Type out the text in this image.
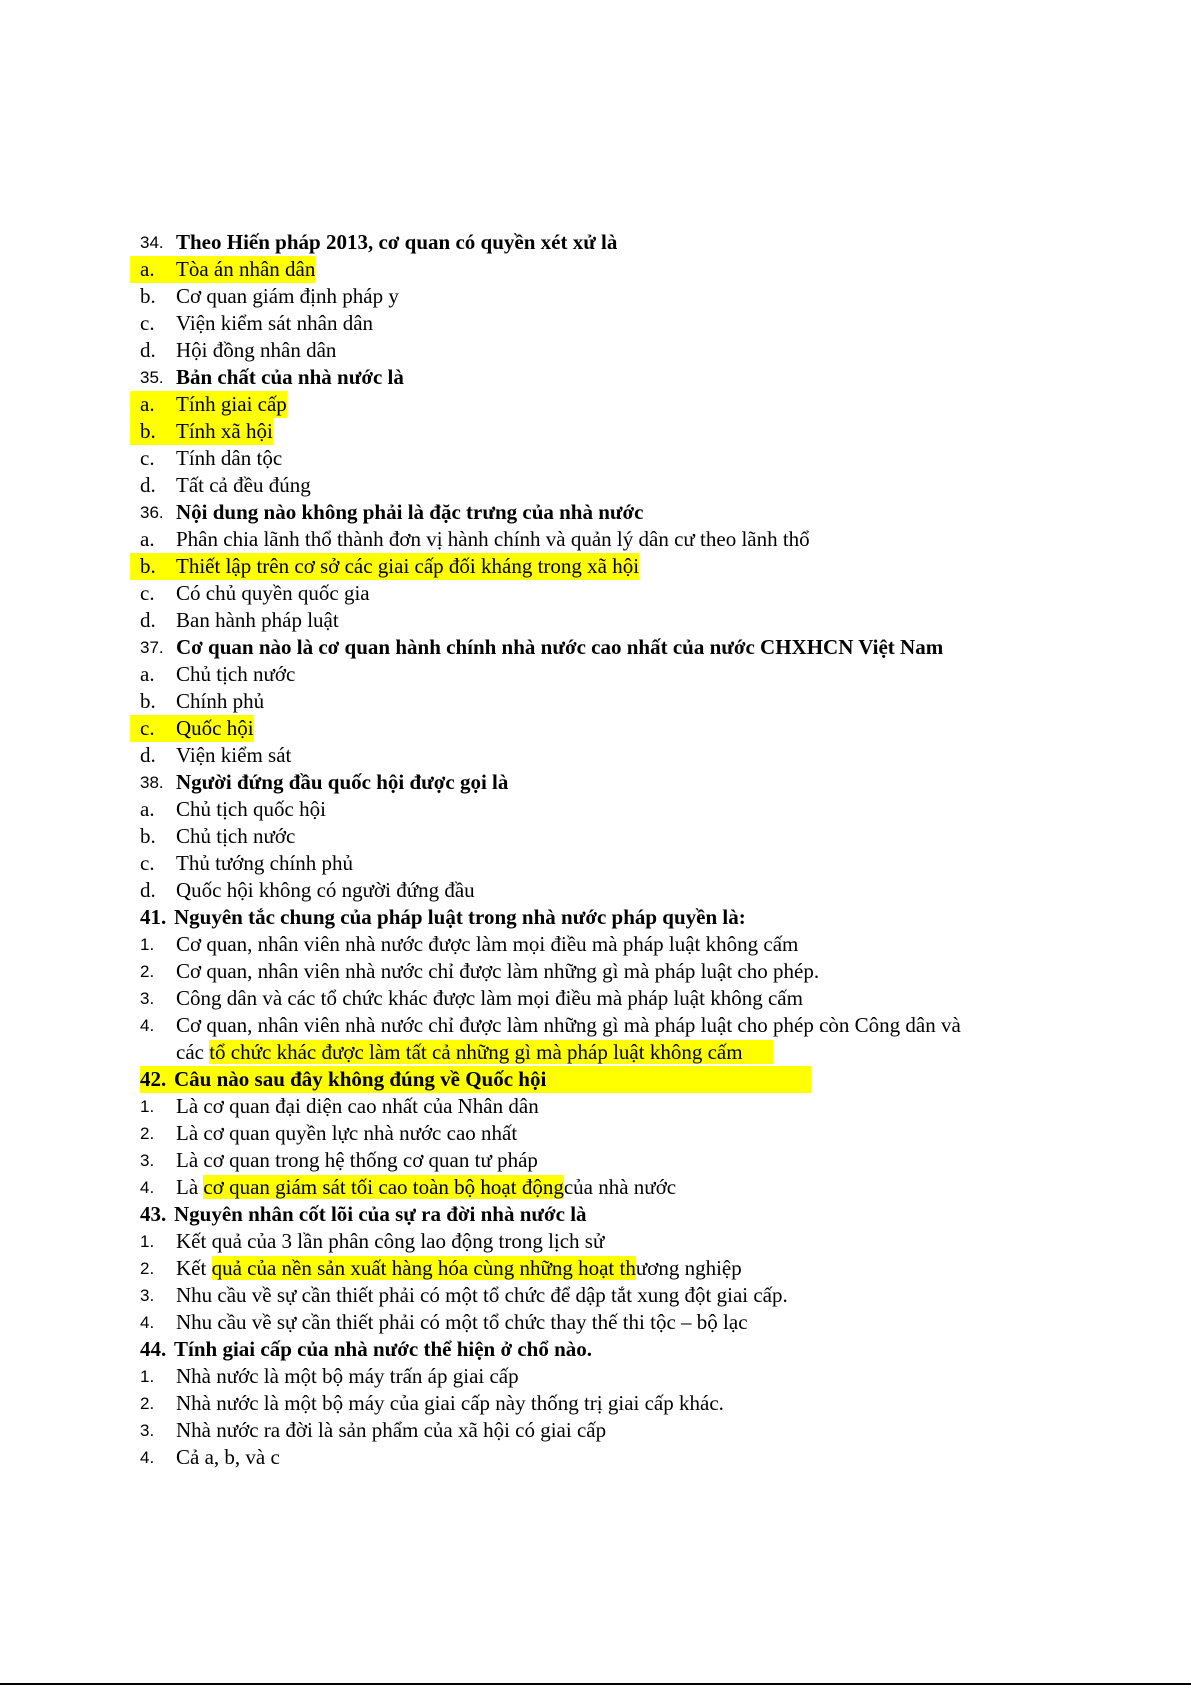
34. Theo Hiến pháp 2013, cơ quan có quyền xét xử là
a. Tòa án nhân dân
b. Cơ quan giám định pháp y
c.	Viện kiểm sát nhân dân
d. Hội đồng nhân dân
35. Bản chất của nhà nước là
a. Tính giai cấp
b. Tính xã hội
c.	Tính dân tộc
d. Tất cả đều đúng
36. Nội dung nào không phải là đặc trưng của nhà nước
a.	Phân chia lãnh thổ thành đơn vị hành chính và quản lý dân cư theo lãnh thổ
b. Thiết lập trên cơ sở các giai cấp đối kháng trong xã hội
c.	Có chủ quyền quốc gia
d. Ban hành pháp luật
37. Cơ quan nào là cơ quan hành chính nhà nước cao nhất của nước CHXHCN Việt Nam
a.	Chủ tịch nước
b. Chính phủ
c. Quốc hội
d. Viện kiểm sát
38. Người đứng đầu quốc hội được gọi là
a.	Chủ tịch quốc hội
b. Chủ tịch nước
c.	Thủ tướng chính phủ
d. Quốc hội không có người đứng đầu
41. Nguyên tắc chung của pháp luật trong nhà nước pháp quyền là:
1.	Cơ quan, nhân viên nhà nước được làm mọi điều mà pháp luật không cấm
2.	Cơ quan, nhân viên nhà nước chỉ được làm những gì mà pháp luật cho phép.
3.	Công dân và các tổ chức khác được làm mọi điều mà pháp luật không cấm
4.	Cơ quan, nhân viên nhà nước chỉ được làm những gì mà pháp luật cho phép còn Công dân và
các tổ chức khác được làm tất cả những gì mà pháp luật không cấm
42. Câu nào sau đây không đúng về Quốc hội
1.	Là cơ quan đại diện cao nhất của Nhân dân
2.	Là cơ quan quyền lực nhà nước cao nhất
3.	Là cơ quan trong hệ thống cơ quan tư pháp
4.	Là cơ quan giám sát tối cao toàn bộ hoạt độngcủa nhà nước
43. Nguyên nhân cốt lõi của sự ra đời nhà nước là
1.	Kết quả của 3 lần phân công lao động trong lịch sử
2.	Kết quả của nền sản xuất hàng hóa cùng những hoạt thương nghiệp
3.	Nhu cầu về sự cần thiết phải có một tổ chức để dập tắt xung đột giai cấp.
4.	Nhu cầu về sự cần thiết phải có một tổ chức thay thế thi tộc – bộ lạc
44. Tính giai cấp của nhà nước thể hiện ở chổ nào.
1.	Nhà nước là một bộ máy trấn áp giai cấp
2.	Nhà nước là một bộ máy của giai cấp này thống trị giai cấp khác.
3.	Nhà nước ra đời là sản phẩm của xã hội có giai cấp
4.	Cả a, b, và c
